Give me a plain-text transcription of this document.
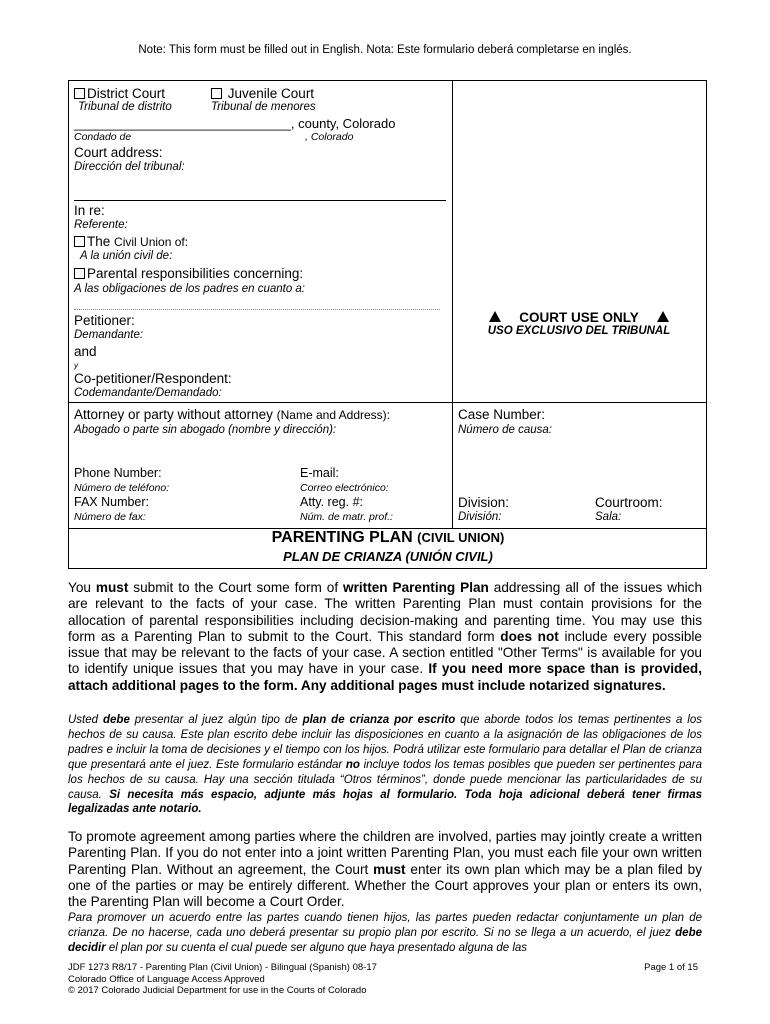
Note: This form must be filled out in English. Nota: Este formulario deberá completarse en inglés.
District Court
Tribunal de distrito
Juvenile Court
Tribunal de menores
______________________________, county, Colorado
Condado de	, Colorado
Court address:
Dirección del tribunal:
In re:
Referente:
The Civil Union of:
A la unión civil de:
Parental responsibilities concerning:
A las obligaciones de los padres en cuanto a:
Petitioner:
Demandante:
and
y
Co-petitioner/Respondent:
Codemandante/Demandado:
COURT USE ONLY
USO EXCLUSIVO DEL TRIBUNAL
Attorney or party without attorney (Name and Address):
Abogado o parte sin abogado (nombre y dirección):
Case Number:
Número de causa:
Phone Number:
Número de teléfono:
E-mail:
Correo electrónico:
FAX Number:
Número de fax:
Atty. reg. #:
Núm. de matr. prof.:
Division:
División:
Courtroom:
Sala:
PARENTING PLAN (CIVIL UNION)
PLAN DE CRIANZA (UNIÓN CIVIL)
You must submit to the Court some form of written Parenting Plan addressing all of the issues which are relevant to the facts of your case. The written Parenting Plan must contain provisions for the allocation of parental responsibilities including decision-making and parenting time. You may use this form as a Parenting Plan to submit to the Court. This standard form does not include every possible issue that may be relevant to the facts of your case. A section entitled "Other Terms" is available for you to identify unique issues that you may have in your case. If you need more space than is provided, attach additional pages to the form. Any additional pages must include notarized signatures.
Usted debe presentar al juez algún tipo de plan de crianza por escrito que aborde todos los temas pertinentes a los hechos de su causa. Este plan escrito debe incluir las disposiciones en cuanto a la asignación de las obligaciones de los padres e incluir la toma de decisiones y el tiempo con los hijos. Podrá utilizar este formulario para detallar el Plan de crianza que presentará ante el juez. Este formulario estándar no incluye todos los temas posibles que pueden ser pertinentes para los hechos de su causa. Hay una sección titulada “Otros términos”, donde puede mencionar las particularidades de su causa. Si necesita más espacio, adjunte más hojas al formulario. Toda hoja adicional deberá tener firmas legalizadas ante notario.
To promote agreement among parties where the children are involved, parties may jointly create a written Parenting Plan. If you do not enter into a joint written Parenting Plan, you must each file your own written Parenting Plan. Without an agreement, the Court must enter its own plan which may be a plan filed by one of the parties or may be entirely different. Whether the Court approves your plan or enters its own, the Parenting Plan will become a Court Order.
Para promover un acuerdo entre las partes cuando tienen hijos, las partes pueden redactar conjuntamente un plan de crianza. De no hacerse, cada uno deberá presentar su propio plan por escrito. Si no se llega a un acuerdo, el juez debe decidir el plan por su cuenta el cual puede ser alguno que haya presentado alguna de las
JDF 1273 R8/17 - Parenting Plan (Civil Union) - Bilingual (Spanish) 08-17
Colorado Office of Language Access Approved
© 2017 Colorado Judicial Department for use in the Courts of Colorado
Page 1 of 15
